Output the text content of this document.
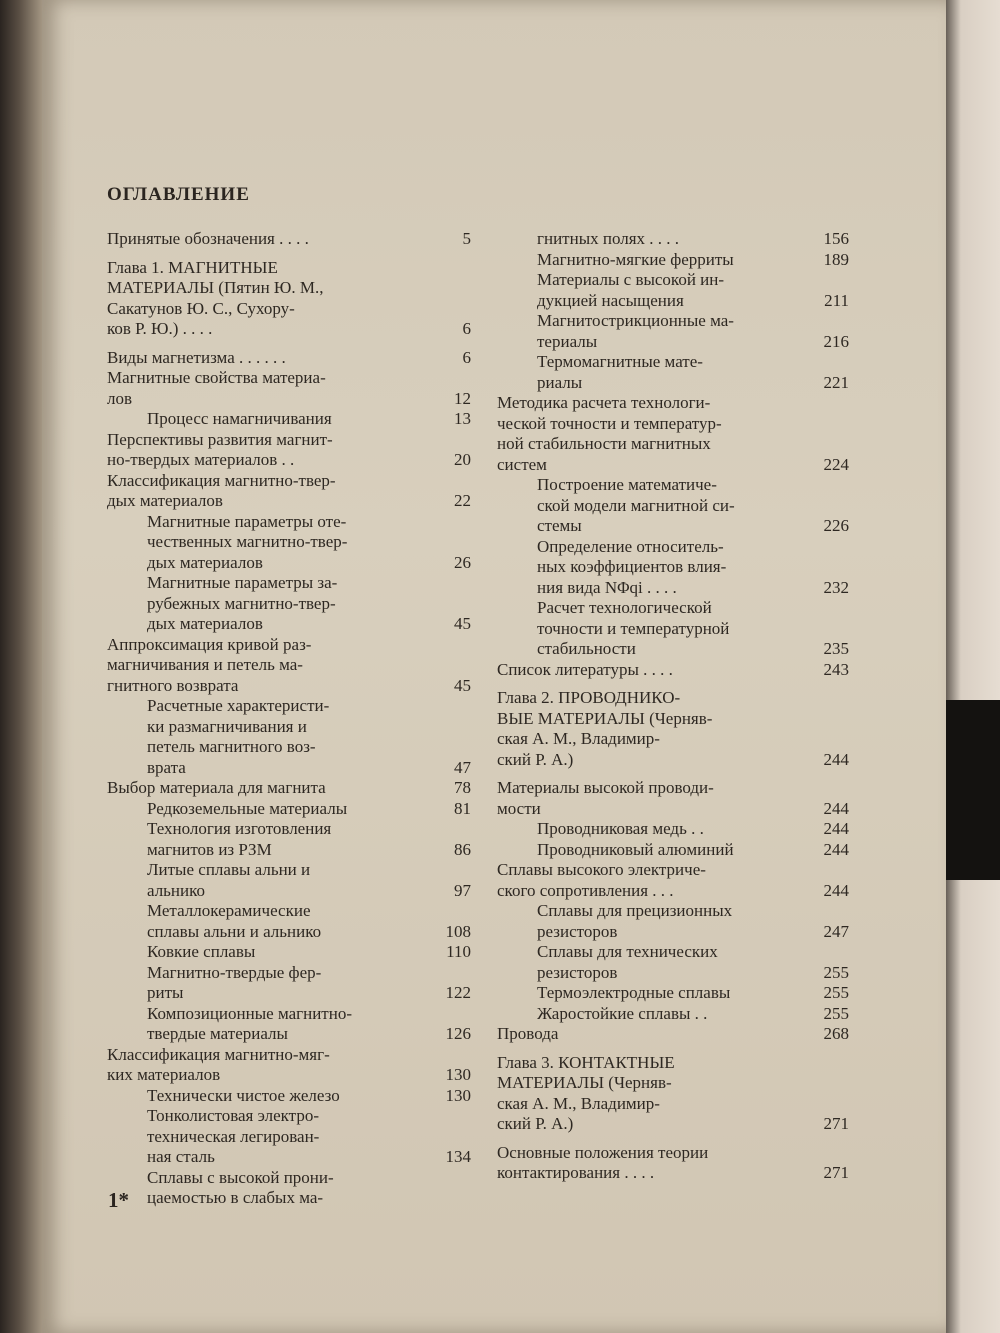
ОГЛАВЛЕНИЕ
Принятые обозначения . . . .	5
Глава 1. МАГНИТНЫЕ
МАТЕРИАЛЫ (Пятин Ю. М.,
Сакатунов Ю. С., Сухору-
ков Р. Ю.) . . . .	6
Виды магнетизма . . . . . .	6
Магнитные свойства материа-
лов	12
Процесс намагничивания	13
Перспективы развития магнит-
но-твердых материалов . .	20
Классификация магнитно-твер-
дых материалов	22
Магнитные параметры оте-
чественных магнитно-твер-
дых материалов	26
Магнитные параметры за-
рубежных магнитно-твер-
дых материалов	45
Аппроксимация кривой раз-
магничивания и петель ма-
гнитного возврата	45
Расчетные характеристи-
ки размагничивания и
петель магнитного воз-
врата	47
Выбор материала для магнита	78
Редкоземельные материалы	81
Технология изготовления
магнитов из РЗМ	86
Литые сплавы альни и
альнико	97
Металлокерамические
сплавы альни и альнико	108
Ковкие сплавы	110
Магнитно-твердые фер-
риты	122
Композиционные магнитно-
твердые материалы	126
Классификация магнитно-мяг-
ких материалов	130
Технически чистое железо	130
Тонколистовая электро-
техническая легирован-
ная сталь	134
Сплавы с высокой прони-
цаемостью в слабых ма-
гнитных полях . . . .	156
Магнитно-мягкие ферриты	189
Материалы с высокой ин-
дукцией насыщения	211
Магнитострикционные ма-
териалы	216
Термомагнитные мате-
риалы	221
Методика расчета технологи-
ческой точности и температур-
ной стабильности магнитных
систем	224
Построение математиче-
ской модели магнитной си-
стемы	226
Определение относитель-
ных коэффициентов влия-
ния вида NΦqi . . . .	232
Расчет технологической
точности и температурной
стабильности	235
Список литературы . . . .	243
Глава 2. ПРОВОДНИКО-
ВЫЕ МАТЕРИАЛЫ (Черняв-
ская А. М., Владимир-
ский Р. А.)	244
Материалы высокой проводи-
мости	244
Проводниковая медь . .	244
Проводниковый алюминий	244
Сплавы высокого электриче-
ского сопротивления . . .	244
Сплавы для прецизионных
резисторов	247
Сплавы для технических
резисторов	255
Термоэлектродные сплавы	255
Жаростойкие сплавы . .	255
Провода	268
Глава 3. КОНТАКТНЫЕ
МАТЕРИАЛЫ (Черняв-
ская А. М., Владимир-
ский Р. А.)	271
Основные положения теории
контактирования . . . .	271
1*
